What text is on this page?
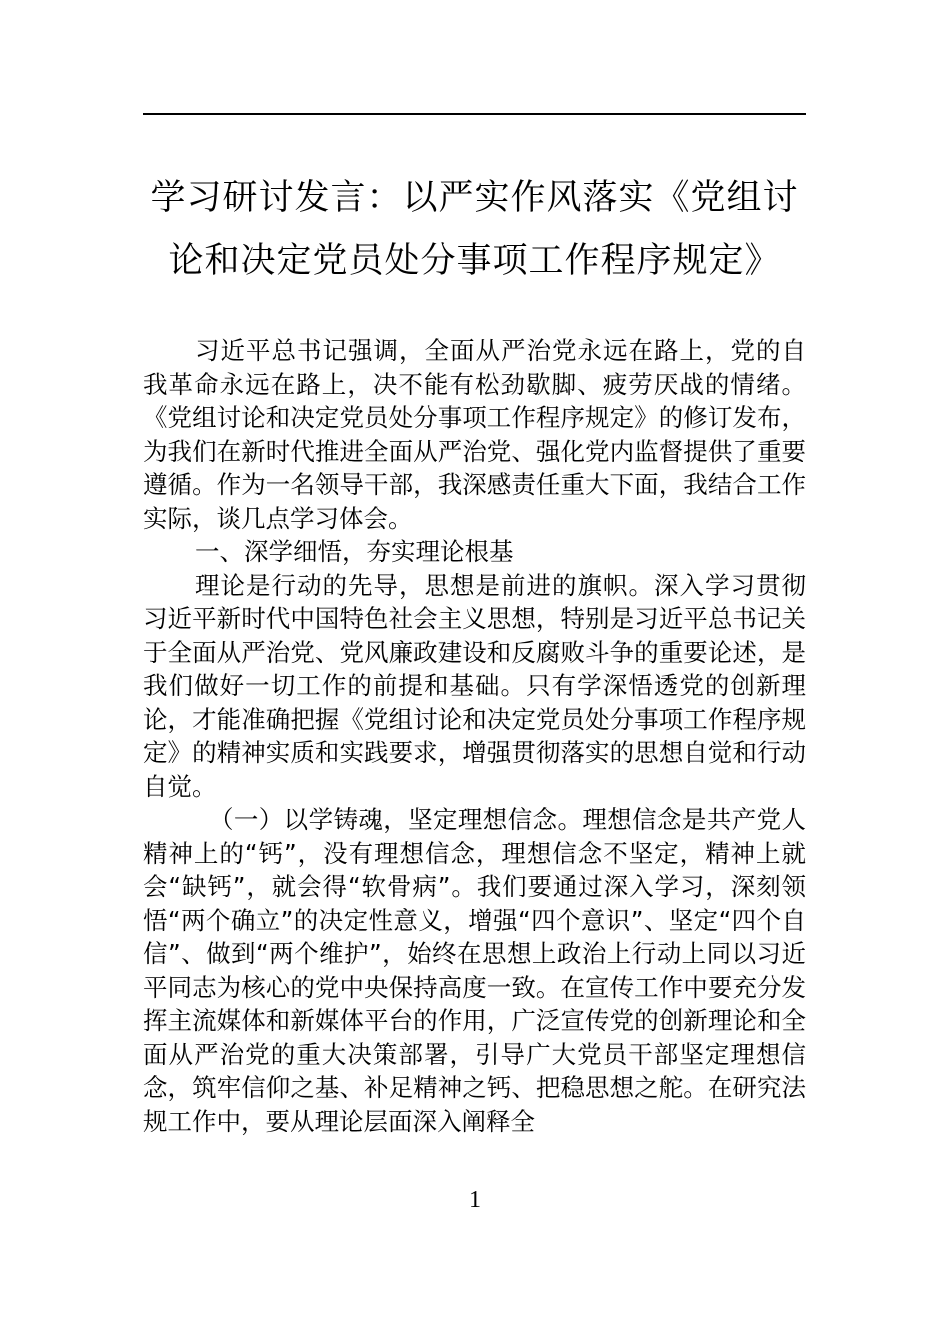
学习研讨发言：以严实作风落实《党组讨
论和决定党员处分事项工作程序规定》

习近平总书记强调，全面从严治党永远在路上，党的自我革命永远在路上，决不能有松劲歇脚、疲劳厌战的情绪。《党组讨论和决定党员处分事项工作程序规定》的修订发布，为我们在新时代推进全面从严治党、强化党内监督提供了重要遵循。作为一名领导干部，我深感责任重大下面，我结合工作实际，谈几点学习体会。

一、深学细悟，夯实理论根基

理论是行动的先导，思想是前进的旗帜。深入学习贯彻习近平新时代中国特色社会主义思想，特别是习近平总书记关于全面从严治党、党风廉政建设和反腐败斗争的重要论述，是我们做好一切工作的前提和基础。只有学深悟透党的创新理论，才能准确把握《党组讨论和决定党员处分事项工作程序规定》的精神实质和实践要求，增强贯彻落实的思想自觉和行动自觉。

（一）以学铸魂，坚定理想信念。理想信念是共产党人精神上的“钙”，没有理想信念，理想信念不坚定，精神上就会“缺钙”，就会得“软骨病”。我们要通过深入学习，深刻领悟“两个确立”的决定性意义，增强“四个意识”、坚定“四个自信”、做到“两个维护”，始终在思想上政治上行动上同以习近平同志为核心的党中央保持高度一致。在宣传工作中要充分发挥主流媒体和新媒体平台的作用，广泛宣传党的创新理论和全面从严治党的重大决策部署，引导广大党员干部坚定理想信念，筑牢信仰之基、补足精神之钙、把稳思想之舵。在研究法规工作中，要从理论层面深入阐释全

1
